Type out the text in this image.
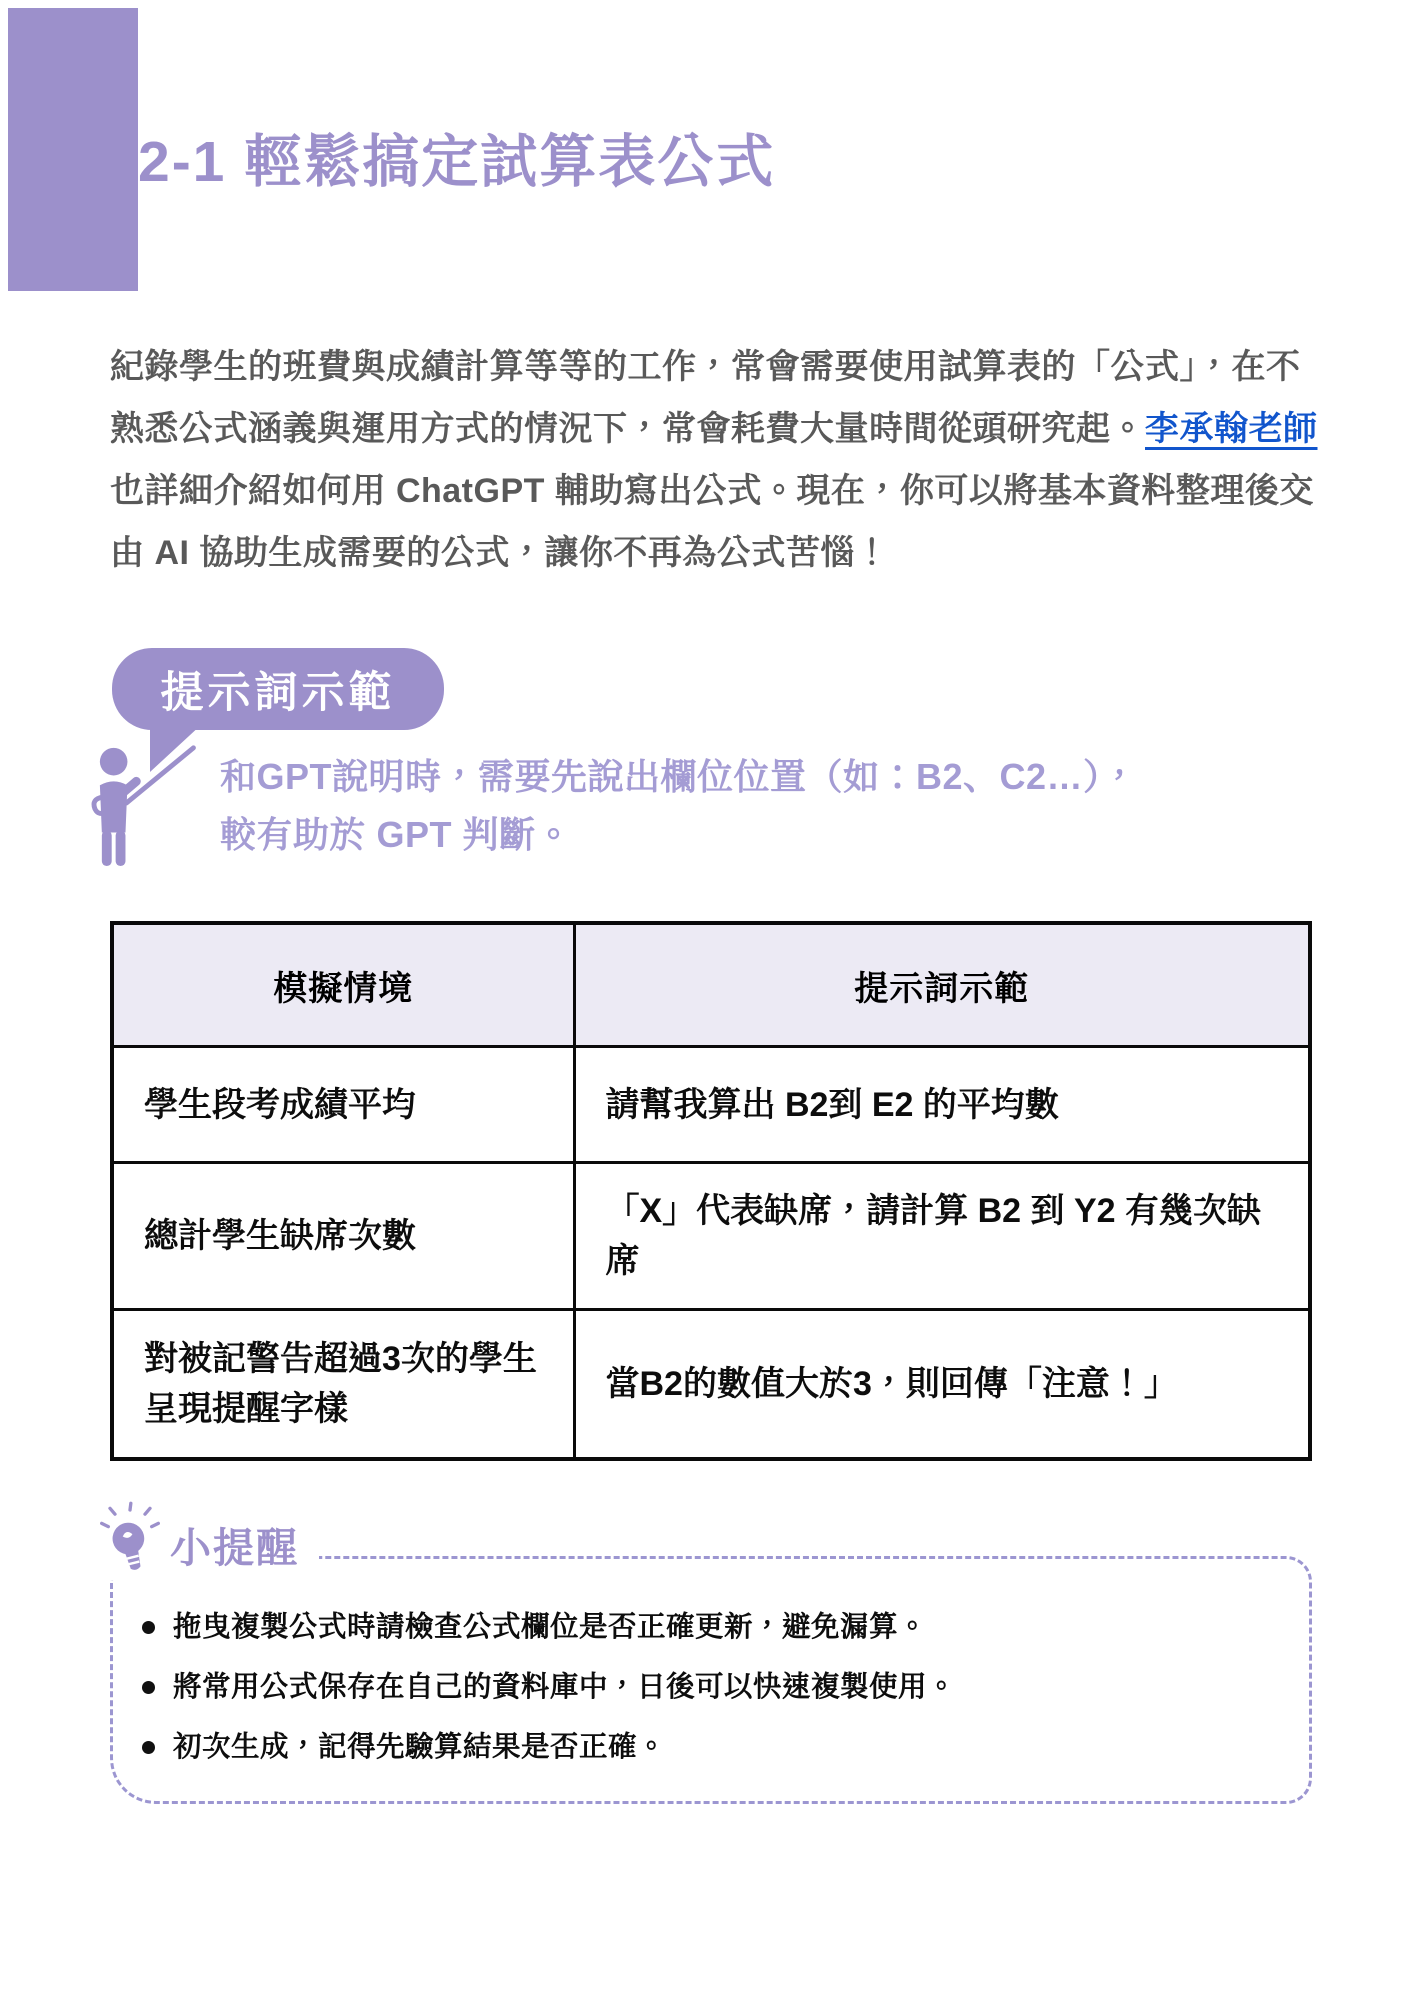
2-1 輕鬆搞定試算表公式
紀錄學生的班費與成績計算等等的工作，常會需要使用試算表的「公式」，在不
熟悉公式涵義與運用方式的情況下，常會耗費大量時間從頭研究起。李承翰老師
也詳細介紹如何用 ChatGPT 輔助寫出公式。現在，你可以將基本資料整理後交
由 AI 協助生成需要的公式，讓你不再為公式苦惱！
提示詞示範
和GPT說明時，需要先說出欄位位置（如：B2、C2…），
較有助於 GPT 判斷。
模擬情境	提示詞示範
學生段考成績平均	請幫我算出 B2到 E2 的平均數
總計學生缺席次數	「X」代表缺席，請計算 B2 到 Y2 有幾次缺席
對被記警告超過3次的學生呈現提醒字樣	當B2的數值大於3，則回傳「注意！」
小提醒
拖曳複製公式時請檢查公式欄位是否正確更新，避免漏算。
將常用公式保存在自己的資料庫中，日後可以快速複製使用。
初次生成，記得先驗算結果是否正確。
